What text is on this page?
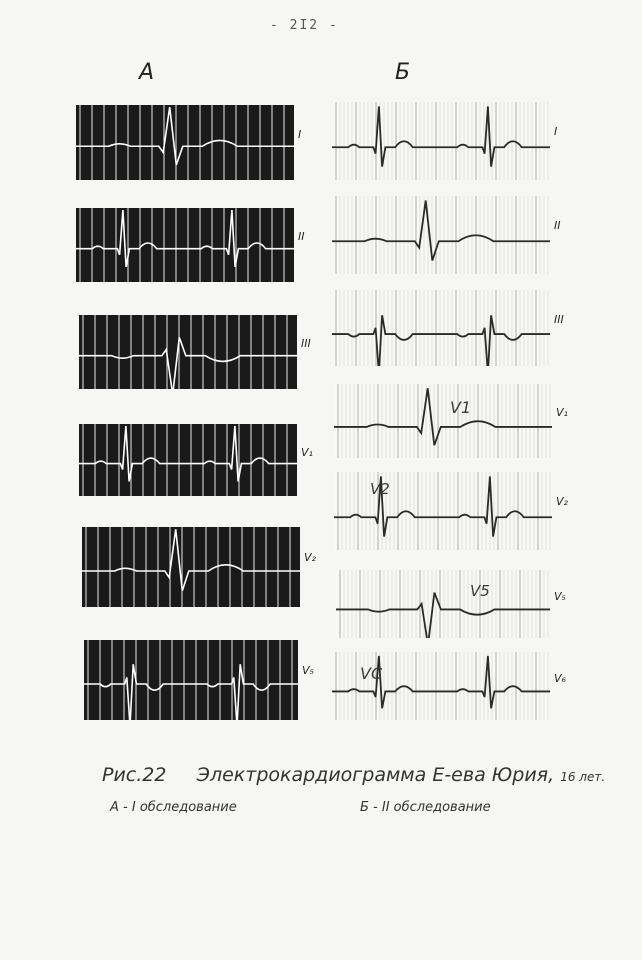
- 2I2 -
А	Б
Рис.22 Электрокардиограмма Е-ева Юрия, 16 лет.
А - I обследование	Б - II обследование
I
II
III
V₁
V₂
V₅
I
II
III
V₁
V₂
V₅
V₆
V1
V2
V5
VC
